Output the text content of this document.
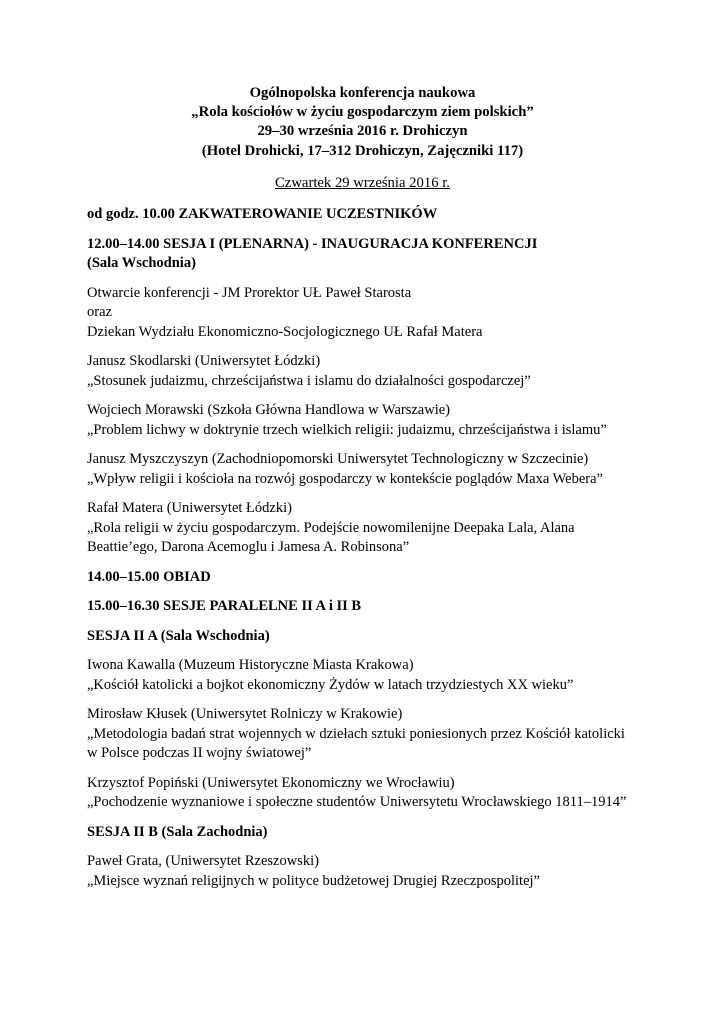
Ogólnopolska konferencja naukowa
„Rola kościołów w życiu gospodarczym ziem polskich”
29–30 września 2016 r. Drohiczyn
(Hotel Drohicki, 17–312 Drohiczyn, Zajęczniki 117)
Czwartek 29 września 2016 r.
od godz. 10.00 ZAKWATEROWANIE UCZESTNIKÓW
12.00–14.00 SESJA I (PLENARNA) - INAUGURACJA KONFERENCJI
(Sala Wschodnia)
Otwarcie konferencji - JM Prorektor UŁ Paweł Starosta
oraz
Dziekan Wydziału Ekonomiczno-Socjologicznego UŁ Rafał Matera
Janusz Skodlarski (Uniwersytet Łódzki)
„Stosunek judaizmu, chrześcijaństwa i islamu do działalności gospodarczej”
Wojciech Morawski (Szkoła Główna Handlowa w Warszawie)
„Problem lichwy w doktrynie trzech wielkich religii: judaizmu, chrześcijaństwa i islamu”
Janusz Myszczyszyn (Zachodniopomorski Uniwersytet Technologiczny w Szczecinie)
„Wpływ religii i kościoła na rozwój gospodarczy w kontekście poglądów Maxa Webera”
Rafał Matera (Uniwersytet Łódzki)
„Rola religii w życiu gospodarczym. Podejście nowomilenijne Deepaka Lala, Alana
Beattie’ego, Darona Acemoglu i Jamesa A. Robinsona”
14.00–15.00 OBIAD
15.00–16.30 SESJE PARALELNE II A i II B
SESJA II A (Sala Wschodnia)
Iwona Kawalla (Muzeum Historyczne Miasta Krakowa)
„Kościół katolicki a bojkot ekonomiczny Żydów w latach trzydziestych XX wieku”
Mirosław Kłusek (Uniwersytet Rolniczy w Krakowie)
„Metodologia badań strat wojennych w dziełach sztuki poniesionych przez Kościół katolicki
w Polsce podczas II wojny światowej”
Krzysztof Popiński (Uniwersytet Ekonomiczny we Wrocławiu)
„Pochodzenie wyznaniowe i społeczne studentów Uniwersytetu Wrocławskiego 1811–1914”
SESJA II B (Sala Zachodnia)
Paweł Grata, (Uniwersytet Rzeszowski)
„Miejsce wyznań religijnych w polityce budżetowej Drugiej Rzeczpospolitej”
